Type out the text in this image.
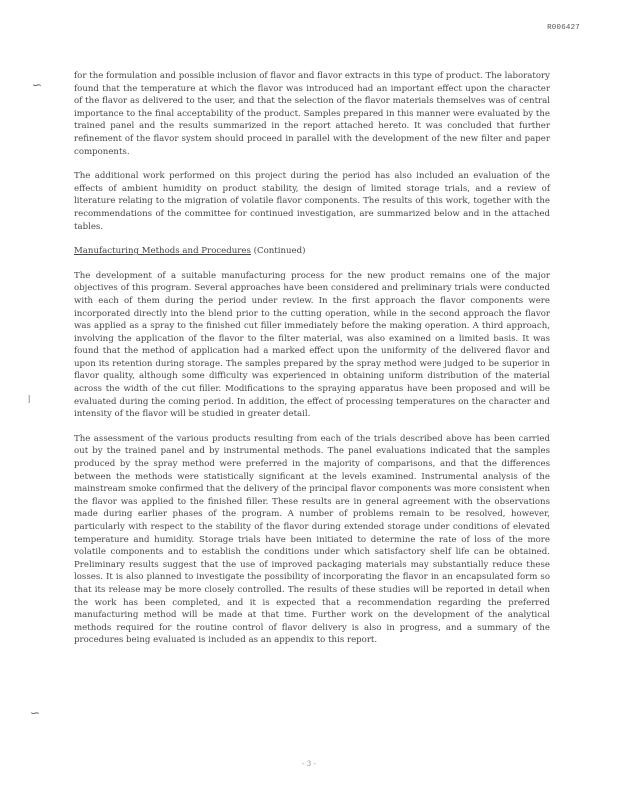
R006427
∽
⧘
∽

for the formulation and possible inclusion of flavor and flavor extracts in this type of product. The laboratory found that the temperature at which the flavor was introduced had an important effect upon the character of the flavor as delivered to the user, and that the selection of the flavor materials themselves was of central importance to the final acceptability of the product. Samples prepared in this manner were evaluated by the trained panel and the results summarized in the report attached hereto. It was concluded that further refinement of the flavor system should proceed in parallel with the development of the new filter and paper components.

The additional work performed on this project during the period has also included an evaluation of the effects of ambient humidity on product stability, the design of limited storage trials, and a review of literature relating to the migration of volatile flavor components. The results of this work, together with the recommendations of the committee for continued investigation, are summarized below and in the attached tables.

Manufacturing Methods and Procedures (Continued)

The development of a suitable manufacturing process for the new product remains one of the major objectives of this program. Several approaches have been considered and preliminary trials were conducted with each of them during the period under review. In the first approach the flavor components were incorporated directly into the blend prior to the cutting operation, while in the second approach the flavor was applied as a spray to the finished cut filler immediately before the making operation. A third approach, involving the application of the flavor to the filter material, was also examined on a limited basis. It was found that the method of application had a marked effect upon the uniformity of the delivered flavor and upon its retention during storage. The samples prepared by the spray method were judged to be superior in flavor quality, although some difficulty was experienced in obtaining uniform distribution of the material across the width of the cut filler. Modifications to the spraying apparatus have been proposed and will be evaluated during the coming period. In addition, the effect of processing temperatures on the character and intensity of the flavor will be studied in greater detail.

The assessment of the various products resulting from each of the trials described above has been carried out by the trained panel and by instrumental methods. The panel evaluations indicated that the samples produced by the spray method were preferred in the majority of comparisons, and that the differences between the methods were statistically significant at the levels examined. Instrumental analysis of the mainstream smoke confirmed that the delivery of the principal flavor components was more consistent when the flavor was applied to the finished filler. These results are in general agreement with the observations made during earlier phases of the program. A number of problems remain to be resolved, however, particularly with respect to the stability of the flavor during extended storage under conditions of elevated temperature and humidity. Storage trials have been initiated to determine the rate of loss of the more volatile components and to establish the conditions under which satisfactory shelf life can be obtained. Preliminary results suggest that the use of improved packaging materials may substantially reduce these losses. It is also planned to investigate the possibility of incorporating the flavor in an encapsulated form so that its release may be more closely controlled. The results of these studies will be reported in detail when the work has been completed, and it is expected that a recommendation regarding the preferred manufacturing method will be made at that time. Further work on the development of the analytical methods required for the routine control of flavor delivery is also in progress, and a summary of the procedures being evaluated is included as an appendix to this report.

- 3 -
